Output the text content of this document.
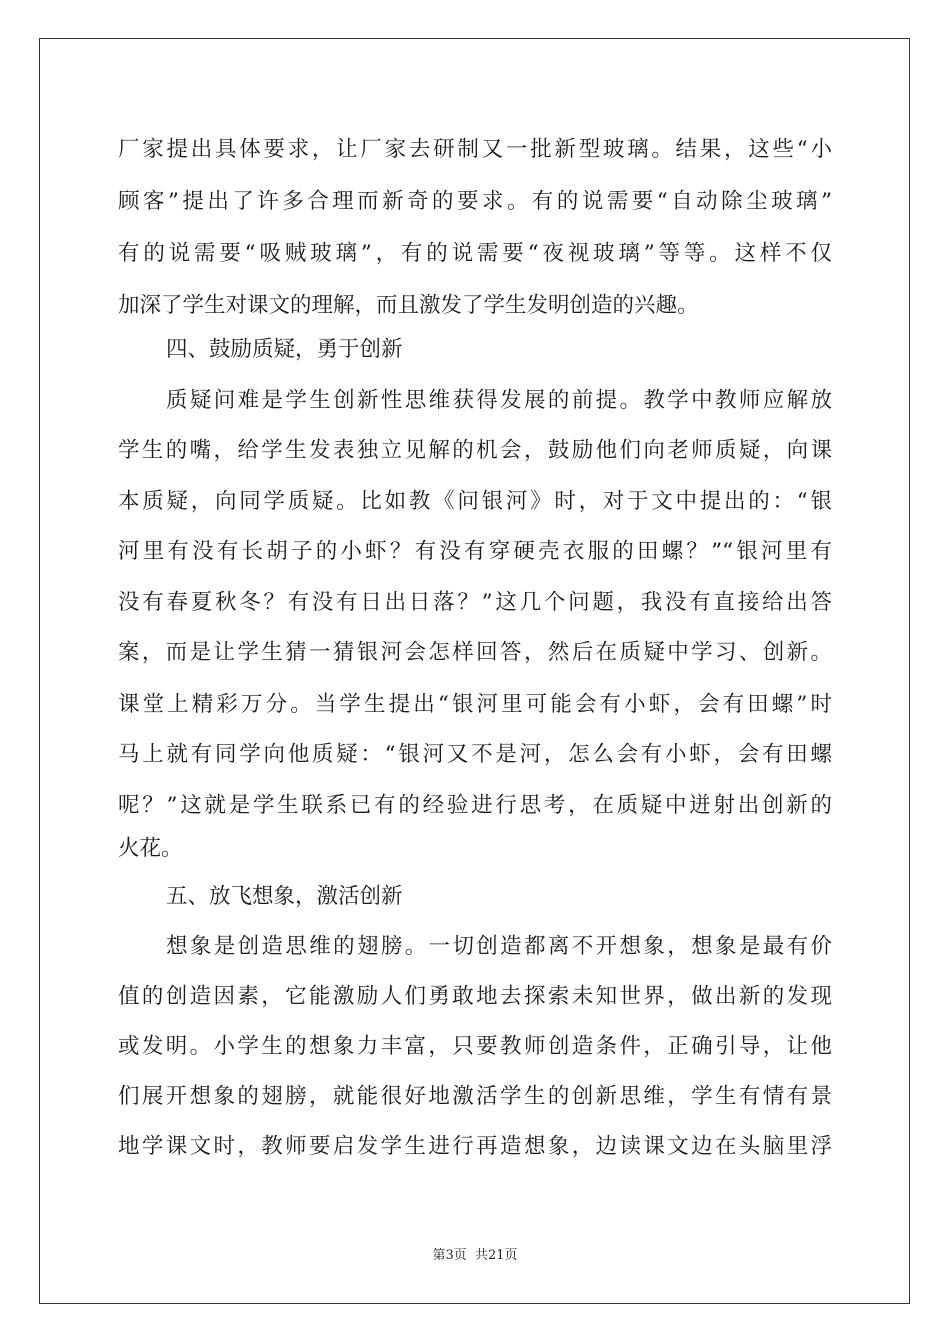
厂家提出具体要求，让厂家去研制又一批新型玻璃。结果，这些“小
顾客”提出了许多合理而新奇的要求。有的说需要“自动除尘玻璃”
有的说需要“吸贼玻璃”，有的说需要“夜视玻璃”等等。这样不仅
加深了学生对课文的理解，而且激发了学生发明创造的兴趣。
四、鼓励质疑，勇于创新
质疑问难是学生创新性思维获得发展的前提。教学中教师应解放
学生的嘴，给学生发表独立见解的机会，鼓励他们向老师质疑，向课
本质疑，向同学质疑。比如教《问银河》时，对于文中提出的：“银
河里有没有长胡子的小虾？有没有穿硬壳衣服的田螺？”“银河里有
没有春夏秋冬？有没有日出日落？”这几个问题，我没有直接给出答
案，而是让学生猜一猜银河会怎样回答，然后在质疑中学习、创新。
课堂上精彩万分。当学生提出“银河里可能会有小虾，会有田螺”时
马上就有同学向他质疑：“银河又不是河，怎么会有小虾，会有田螺
呢？”这就是学生联系已有的经验进行思考，在质疑中迸射出创新的
火花。
五、放飞想象，激活创新
想象是创造思维的翅膀。一切创造都离不开想象，想象是最有价
值的创造因素，它能激励人们勇敢地去探索未知世界，做出新的发现
或发明。小学生的想象力丰富，只要教师创造条件，正确引导，让他
们展开想象的翅膀，就能很好地激活学生的创新思维，学生有情有景
地学课文时，教师要启发学生进行再造想象，边读课文边在头脑里浮
第3页 共21页
